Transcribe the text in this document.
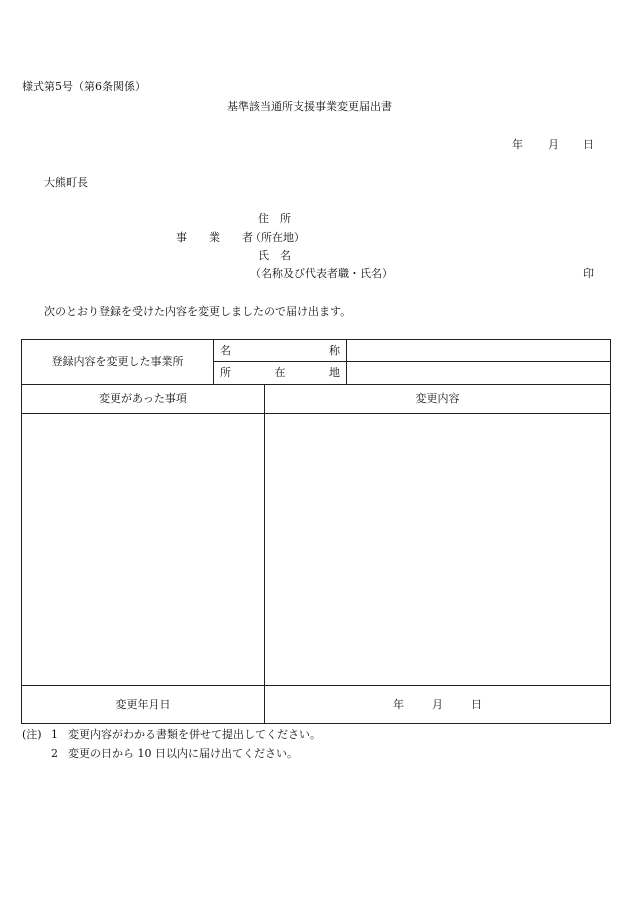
様式第5号（第6条関係）
基準該当通所支援事業変更届出書
年 月 日
大熊町長
住　所
事　　業　　者
（所在地）
氏　名
（名称及び代表者職・氏名）	印
次のとおり登録を受けた内容を変更しましたので届け出ます。
登録内容を変更した事業所	名 称		

	所 在 地		

変更があった事項		変更内容	

変更年月日		年 月 日	
(注) 1 変更内容がわかる書類を併せて提出してください。
2 変更の日から 10 日以内に届け出てください。
